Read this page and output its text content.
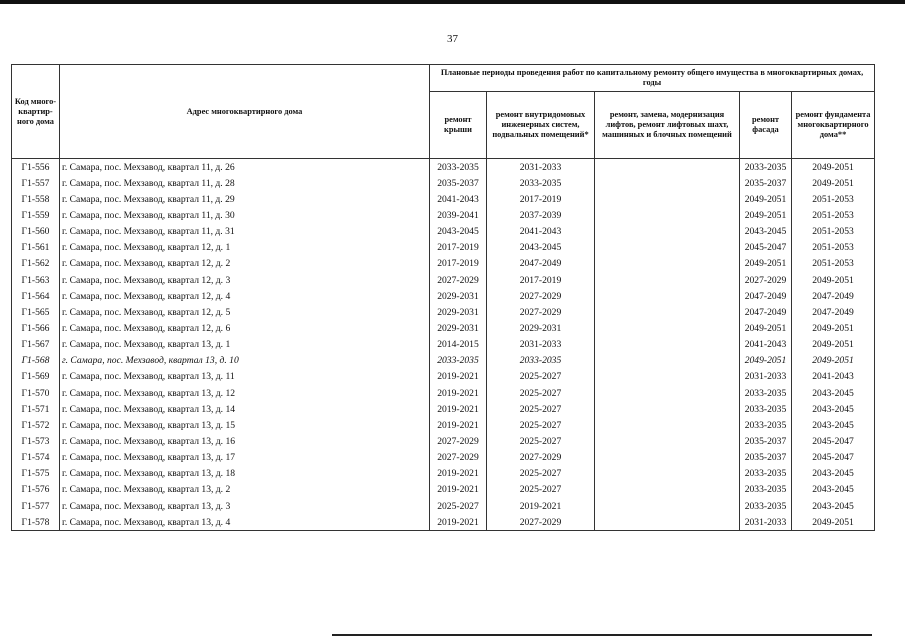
37
Код много-квартир-ного дома	Адрес многоквартирного дома	Плановые периоды проведения работ по капитальному ремонту общего имущества в многоквартирных домах, годы				
		ремонт крыши	ремонт внутридомовых инженерных систем, подвальных помещений*	ремонт, замена, модернизация лифтов, ремонт лифтовых шахт, машинных и блочных помещений	ремонт фасада	ремонт фундамента многоквартирного дома**
Г1-556	г. Самара, пос. Мехзавод, квартал 11, д. 26	2033-2035	2031-2033		2033-2035	2049-2051
Г1-557	г. Самара, пос. Мехзавод, квартал 11, д. 28	2035-2037	2033-2035		2035-2037	2049-2051
Г1-558	г. Самара, пос. Мехзавод, квартал 11, д. 29	2041-2043	2017-2019		2049-2051	2051-2053
Г1-559	г. Самара, пос. Мехзавод, квартал 11, д. 30	2039-2041	2037-2039		2049-2051	2051-2053
Г1-560	г. Самара, пос. Мехзавод, квартал 11, д. 31	2043-2045	2041-2043		2043-2045	2051-2053
Г1-561	г. Самара, пос. Мехзавод, квартал 12, д. 1	2017-2019	2043-2045		2045-2047	2051-2053
Г1-562	г. Самара, пос. Мехзавод, квартал 12, д. 2	2017-2019	2047-2049		2049-2051	2051-2053
Г1-563	г. Самара, пос. Мехзавод, квартал 12, д. 3	2027-2029	2017-2019		2027-2029	2049-2051
Г1-564	г. Самара, пос. Мехзавод, квартал 12, д. 4	2029-2031	2027-2029		2047-2049	2047-2049
Г1-565	г. Самара, пос. Мехзавод, квартал 12, д. 5	2029-2031	2027-2029		2047-2049	2047-2049
Г1-566	г. Самара, пос. Мехзавод, квартал 12, д. 6	2029-2031	2029-2031		2049-2051	2049-2051
Г1-567	г. Самара, пос. Мехзавод, квартал 13, д. 1	2014-2015	2031-2033		2041-2043	2049-2051
Г1-568	г. Самара, пос. Мехзавод, квартал 13, д. 10	2033-2035	2033-2035		2049-2051	2049-2051
Г1-569	г. Самара, пос. Мехзавод, квартал 13, д. 11	2019-2021	2025-2027		2031-2033	2041-2043
Г1-570	г. Самара, пос. Мехзавод, квартал 13, д. 12	2019-2021	2025-2027		2033-2035	2043-2045
Г1-571	г. Самара, пос. Мехзавод, квартал 13, д. 14	2019-2021	2025-2027		2033-2035	2043-2045
Г1-572	г. Самара, пос. Мехзавод, квартал 13, д. 15	2019-2021	2025-2027		2033-2035	2043-2045
Г1-573	г. Самара, пос. Мехзавод, квартал 13, д. 16	2027-2029	2025-2027		2035-2037	2045-2047
Г1-574	г. Самара, пос. Мехзавод, квартал 13, д. 17	2027-2029	2027-2029		2035-2037	2045-2047
Г1-575	г. Самара, пос. Мехзавод, квартал 13, д. 18	2019-2021	2025-2027		2033-2035	2043-2045
Г1-576	г. Самара, пос. Мехзавод, квартал 13, д. 2	2019-2021	2025-2027		2033-2035	2043-2045
Г1-577	г. Самара, пос. Мехзавод, квартал 13, д. 3	2025-2027	2019-2021		2033-2035	2043-2045
Г1-578	г. Самара, пос. Мехзавод, квартал 13, д. 4	2019-2021	2027-2029		2031-2033	2049-2051
